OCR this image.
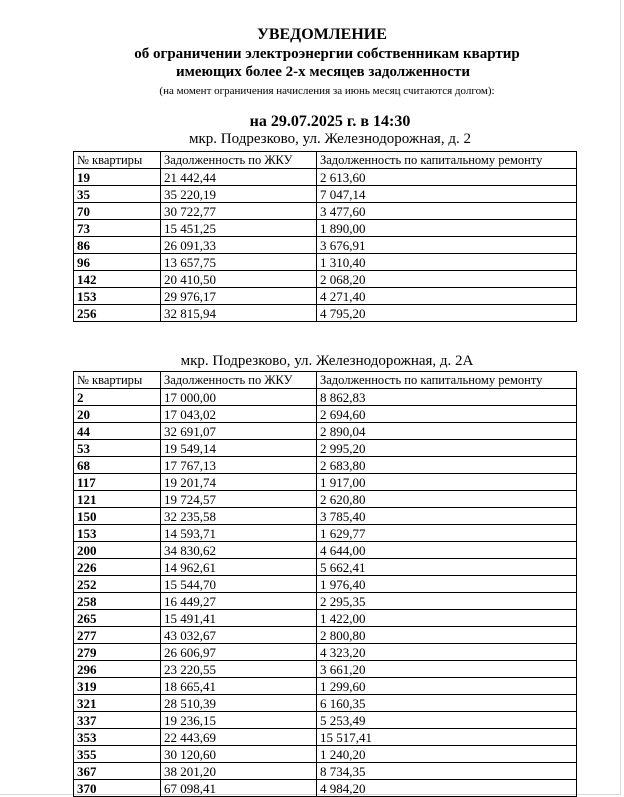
УВЕДОМЛЕНИЕ
об ограничении электроэнергии собственникам квартир
имеющих более 2-х месяцев задолженности
(на момент ограничения начисления за июнь месяц считаются долгом):
на 29.07.2025 г. в 14:30
мкр. Подрезково, ул. Железнодорожная, д. 2
№ квартиры	Задолженность по ЖКУ	Задолженность по капитальному ремонту
19	21 442,44	2 613,60
35	35 220,19	7 047,14
70	30 722,77	3 477,60
73	15 451,25	1 890,00
86	26 091,33	3 676,91
96	13 657,75	1 310,40
142	20 410,50	2 068,20
153	29 976,17	4 271,40
256	32 815,94	4 795,20
мкр. Подрезково, ул. Железнодорожная, д. 2А
№ квартиры	Задолженность по ЖКУ	Задолженность по капитальному ремонту
2	17 000,00	8 862,83
20	17 043,02	2 694,60
44	32 691,07	2 890,04
53	19 549,14	2 995,20
68	17 767,13	2 683,80
117	19 201,74	1 917,00
121	19 724,57	2 620,80
150	32 235,58	3 785,40
153	14 593,71	1 629,77
200	34 830,62	4 644,00
226	14 962,61	5 662,41
252	15 544,70	1 976,40
258	16 449,27	2 295,35
265	15 491,41	1 422,00
277	43 032,67	2 800,80
279	26 606,97	4 323,20
296	23 220,55	3 661,20
319	18 665,41	1 299,60
321	28 510,39	6 160,35
337	19 236,15	5 253,49
353	22 443,69	15 517,41
355	30 120,60	1 240,20
367	38 201,20	8 734,35
370	67 098,41	4 984,20
